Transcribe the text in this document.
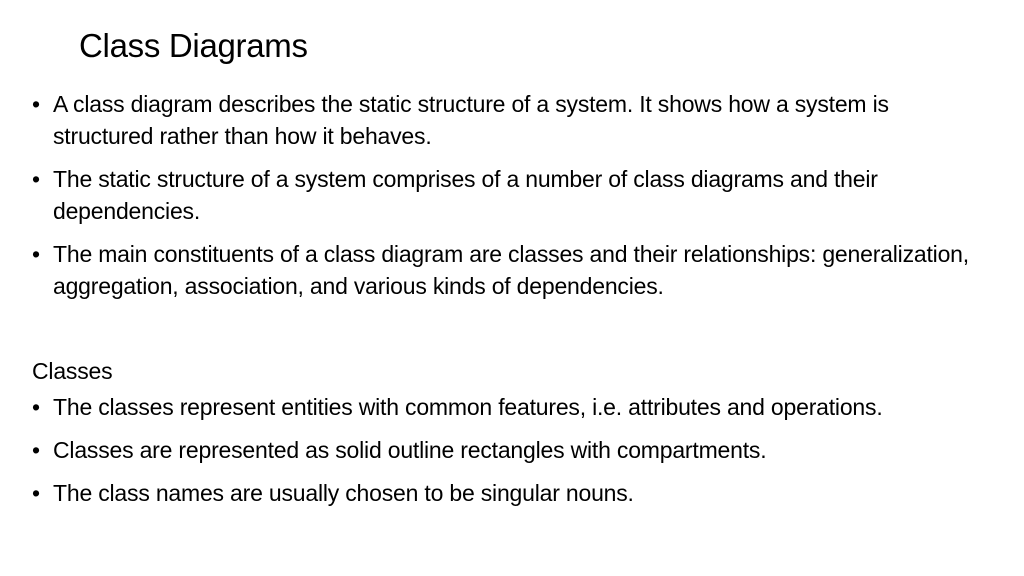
Class Diagrams
• A class diagram describes the static structure of a system. It shows how a system is structured rather than how it behaves.
• The static structure of a system comprises of a number of class diagrams and their dependencies.
• The main constituents of a class diagram are classes and their relationships: generalization, aggregation, association, and various kinds of dependencies.

Classes

• The classes represent entities with common features, i.e. attributes and operations.
• Classes are represented as solid outline rectangles with compartments.
• The class names are usually chosen to be singular nouns.
